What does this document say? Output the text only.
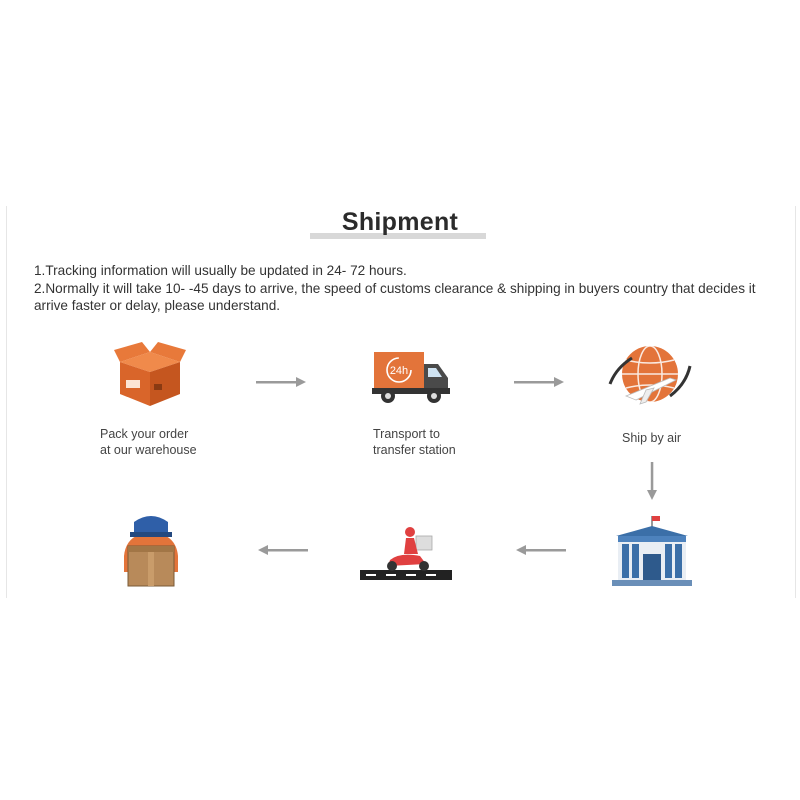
Shipment
1.Tracking information will usually be updated in 24- 72 hours.
2.Normally it will take 10- -45 days to arrive, the speed of customs clearance & shipping in buyers country that decides it arrive faster or delay, please understand.
Pack your order
at our warehouse
24h
Transport to
transfer station
Ship by air
